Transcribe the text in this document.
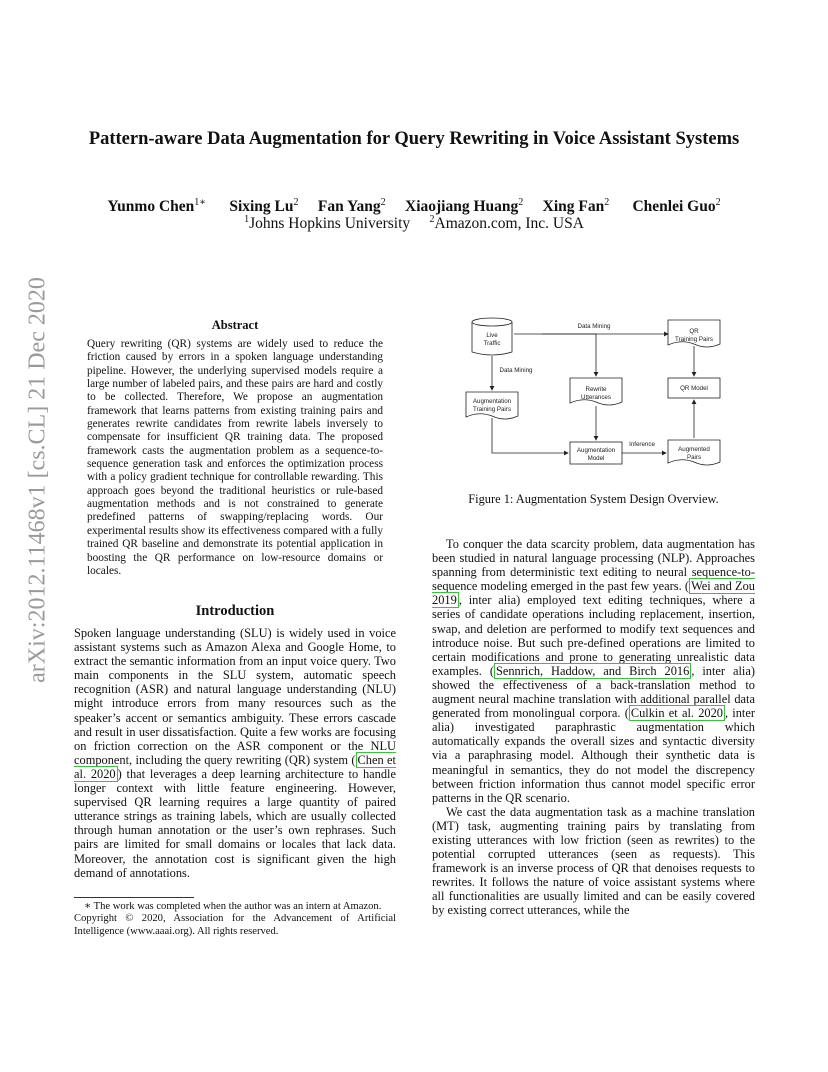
arXiv:2012.11468v1 [cs.CL] 21 Dec 2020
Pattern-aware Data Augmentation for Query Rewriting in Voice Assistant Systems
Yunmo Chen$^{1∗}$ Sixing Lu$^2$ Fan Yang$^2$ Xiaojiang Huang$^2$ Xing Fan$^2$ Chenlei Guo$^2$
$^1$Johns Hopkins University $^2$Amazon.com, Inc. USA
Abstract
Query rewriting (QR) systems are widely used to reduce the friction caused by errors in a spoken language understanding pipeline. However, the underlying supervised models require a large number of labeled pairs, and these pairs are hard and costly to be collected. Therefore, We propose an augmentation framework that learns patterns from existing training pairs and generates rewrite candidates from rewrite labels inversely to compensate for insufficient QR training data. The proposed framework casts the augmentation problem as a sequence-to-sequence generation task and enforces the optimization process with a policy gradient technique for controllable rewarding. This approach goes beyond the traditional heuristics or rule-based augmentation methods and is not constrained to generate predefined patterns of swapping/replacing words. Our experimental results show its effectiveness compared with a fully trained QR baseline and demonstrate its potential application in boosting the QR performance on low-resource domains or locales.
Introduction

Spoken language understanding (SLU) is widely used in voice assistant systems such as Amazon Alexa and Google Home, to extract the semantic information from an input voice query. Two main components in the SLU system, automatic speech recognition (ASR) and natural language understanding (NLU) might introduce errors from many resources such as the speaker’s accent or semantics ambiguity. These errors cascade and result in user dissatisfaction. Quite a few works are focusing on friction correction on the ASR component or the NLU component, including the query rewriting (QR) system ( Chen et al. 2020 ) that leverages a deep learning architecture to handle longer context with little feature engineering. However, supervised QR learning requires a large quantity of paired utterance strings as training labels, which are usually collected through human annotation or the user’s own rephrases. Such pairs are limited for small domains or locales that lack data. Moreover, the annotation cost is significant given the high demand of annotations.

∗ The work was completed when the author was an intern at Amazon.

Copyright © 2020, Association for the Advancement of Artificial Intelligence (www.aaai.org). All rights reserved.

Live
Traffic
QR
Training Pairs
Rewrite
Utterances
QR Model
Augmentation
Training Pairs
Augmentation
Model
Augmented
Pairs
Data Mining
Data Mining
Inference
Figure 1: Augmentation System Design Overview.

To conquer the data scarcity problem, data augmentation has been studied in natural language processing (NLP). Approaches spanning from deterministic text editing to neural sequence-to-sequence modeling emerged in the past few years. ( Wei and Zou 2019 , inter alia) employed text editing techniques, where a series of candidate operations including replacement, insertion, swap, and deletion are performed to modify text sequences and introduce noise. But such pre-defined operations are limited to certain modifications and prone to generating unrealistic data examples. ( Sennrich, Haddow, and Birch 2016 , inter alia) showed the effectiveness of a back-translation method to augment neural machine translation with additional parallel data generated from monolingual corpora. ( Culkin et al. 2020 , inter alia) investigated paraphrastic augmentation which automatically expands the overall sizes and syntactic diversity via a paraphrasing model. Although their synthetic data is meaningful in semantics, they do not model the discrepency between friction information thus cannot model specific error patterns in the QR scenario.

We cast the data augmentation task as a machine translation (MT) task, augmenting training pairs by translating from existing utterances with low friction (seen as rewrites) to the potential corrupted utterances (seen as requests). This framework is an inverse process of QR that denoises requests to rewrites. It follows the nature of voice assistant systems where all functionalities are usually limited and can be easily covered by existing correct utterances, while the
